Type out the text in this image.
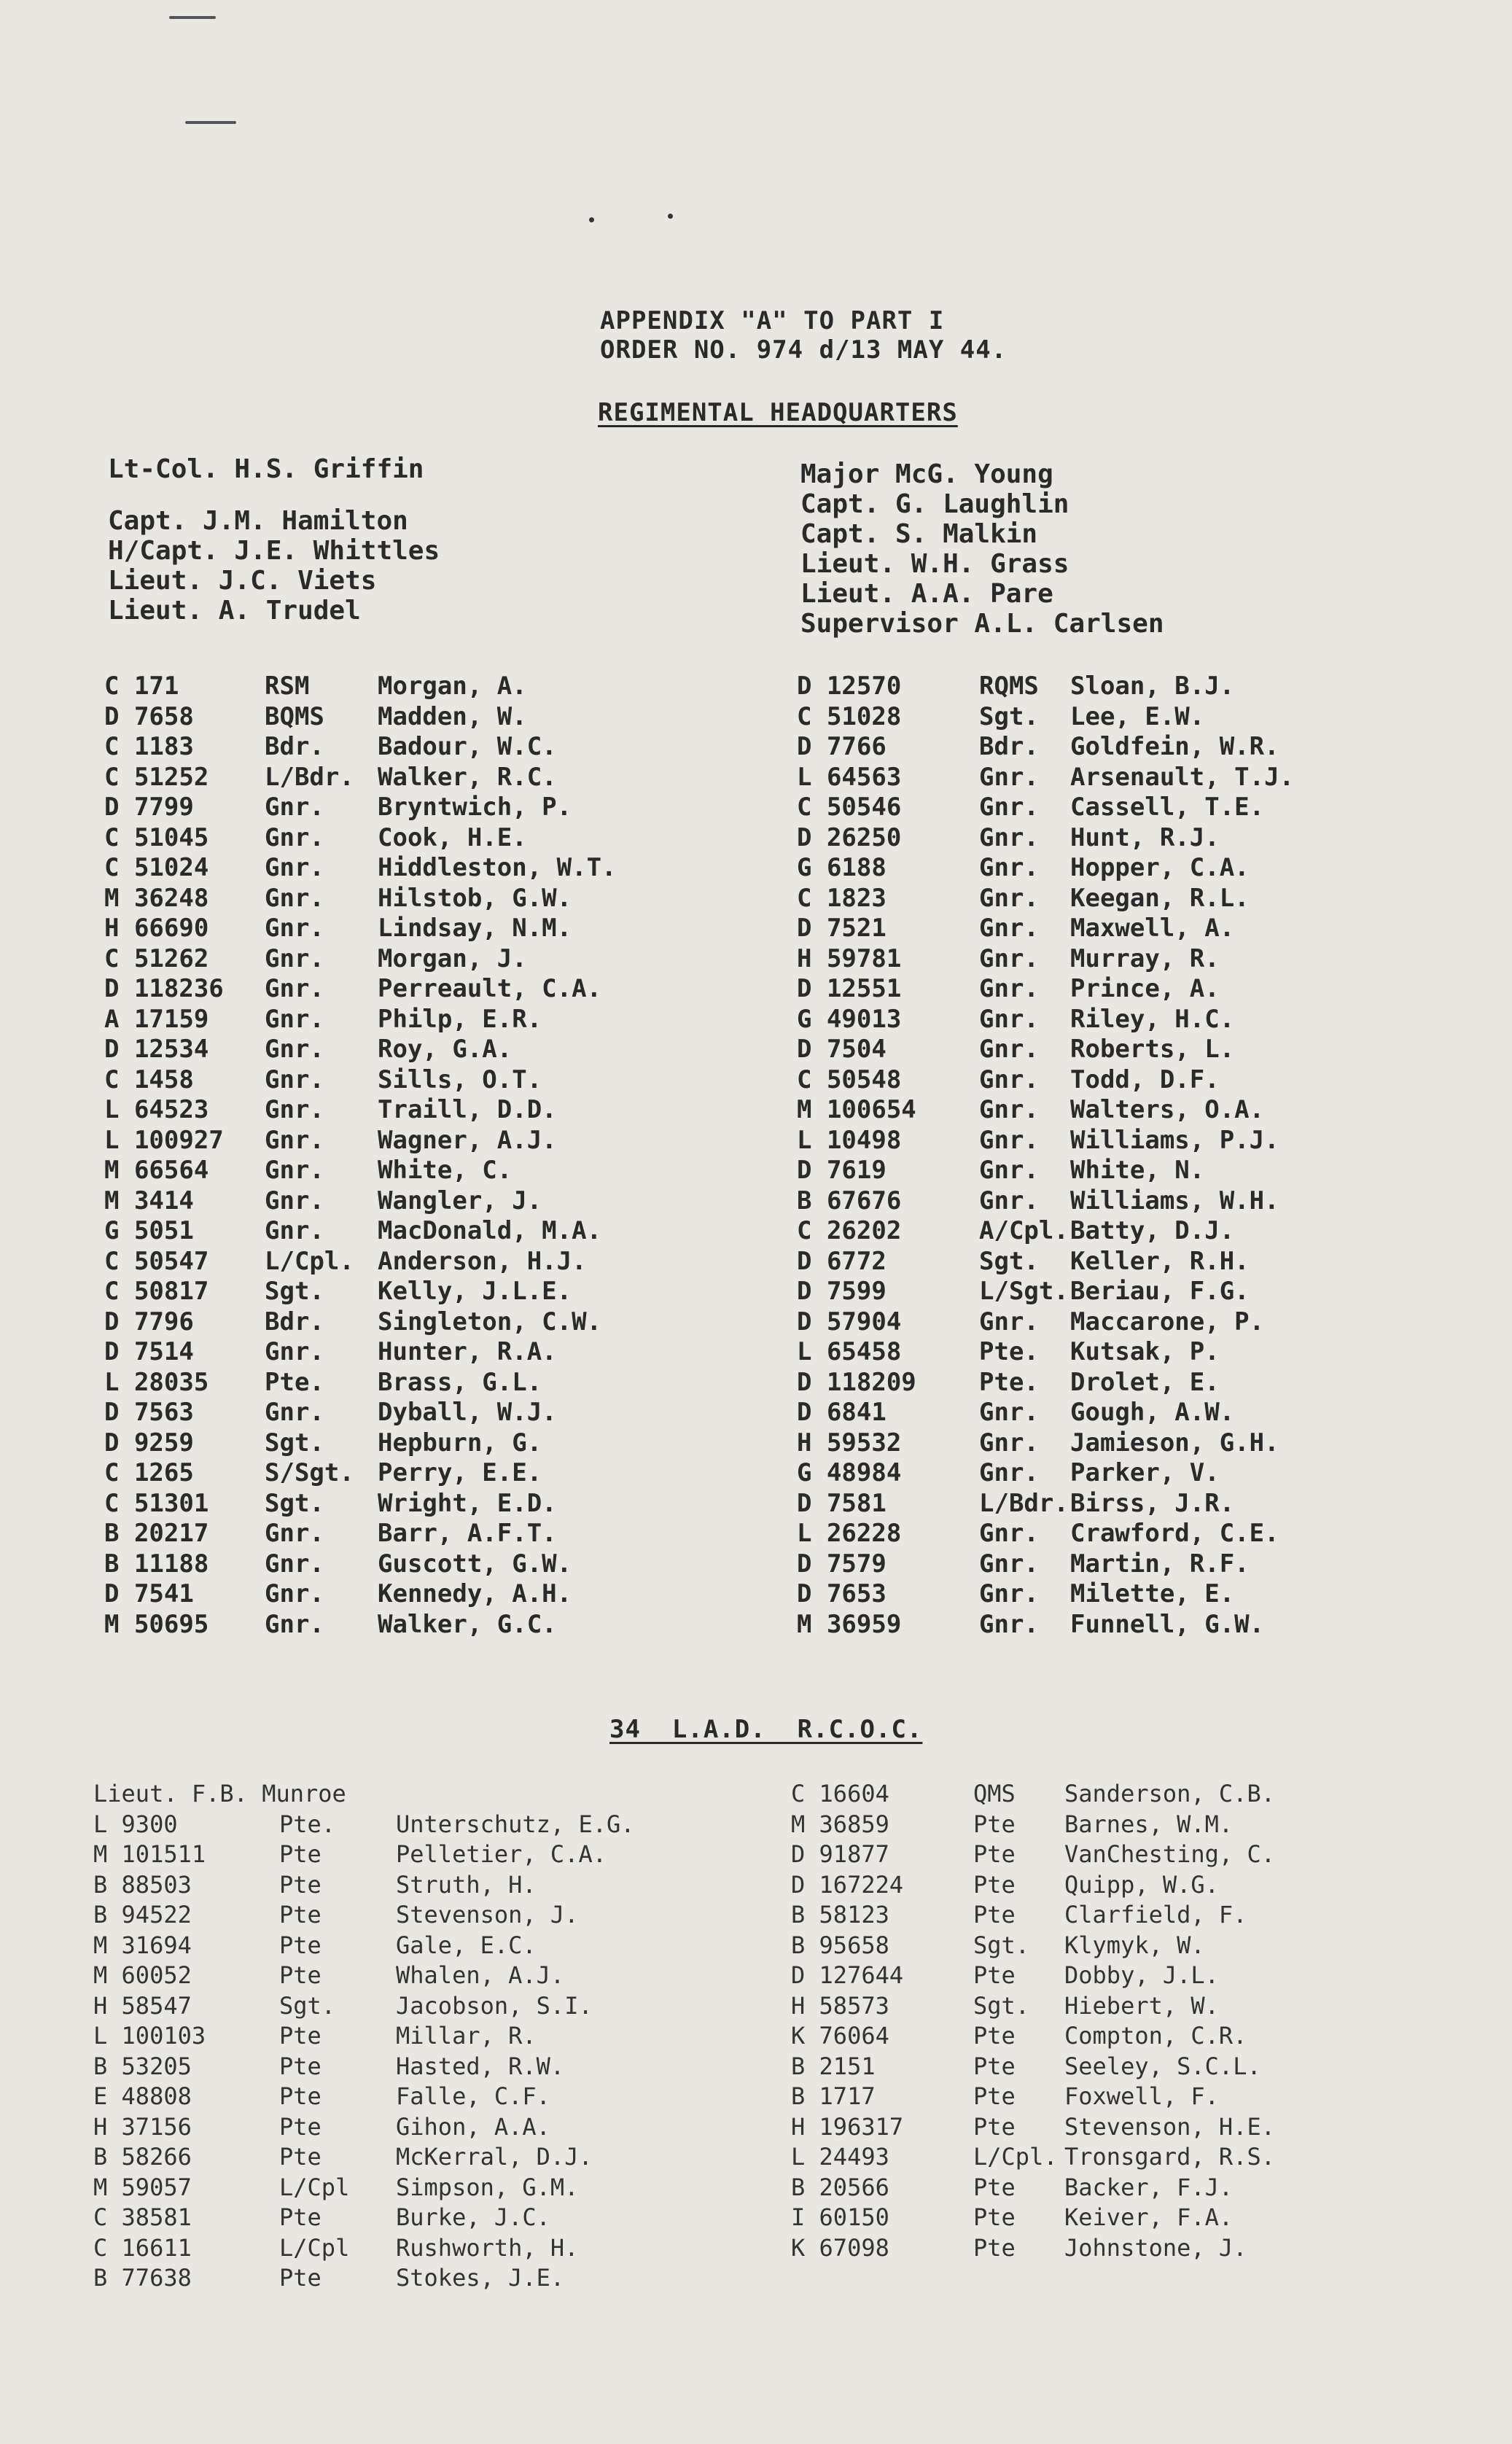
APPENDIX "A" TO PART I
ORDER NO. 974 d/13 MAY 44.
REGIMENTAL HEADQUARTERS
Lt-Col. H.S. Griffin
Capt. J.M. Hamilton
H/Capt. J.E. Whittles
Lieut. J.C. Viets
Lieut. A. Trudel
Major McG. Young
Capt. G. Laughlin
Capt. S. Malkin
Lieut. W.H. Grass
Lieut. A.A. Pare
Supervisor A.L. Carlsen
C 171	RSM	Morgan, A.
D 7658	BQMS Madden, W.
C 1183	Bdr. Badour, W.C.
C 51252 L/Bdr. Walker, R.C.
D 7799	Gnr. Bryntwich, P.
C 51045 Gnr. Cook, H.E.
C 51024 Gnr. Hiddleston, W.T.
M 36248 Gnr. Hilstob, G.W.
H 66690 Gnr. Lindsay, N.M.
C 51262 Gnr. Morgan, J.
D 118236 Gnr. Perreault, C.A.
A 17159 Gnr. Philp, E.R.
D 12534 Gnr. Roy, G.A.
C 1458	Gnr. Sills, O.T.
L 64523 Gnr. Traill, D.D.
L 100927 Gnr. Wagner, A.J.
M 66564 Gnr. White, C.
M 3414	Gnr. Wangler, J.
G 5051	Gnr. MacDonald, M.A.
C 50547 L/Cpl. Anderson, H.J.
C 50817 Sgt. Kelly, J.L.E.
D 7796	Bdr. Singleton, C.W.
D 7514	Gnr. Hunter, R.A.
L 28035 Pte. Brass, G.L.
D 7563	Gnr. Dyball, W.J.
D 9259	Sgt. Hepburn, G.
C 1265	S/Sgt. Perry, E.E.
C 51301 Sgt. Wright, E.D.
B 20217 Gnr. Barr, A.F.T.
B 11188 Gnr. Guscott, G.W.
D 7541	Gnr. Kennedy, A.H.
M 50695 Gnr. Walker, G.C.
D 12570	RQMS Sloan, B.J.
C 51028	Sgt. Lee, E.W.
D 7766	Bdr. Goldfein, W.R.
L 64563	Gnr. Arsenault, T.J.
C 50546	Gnr. Cassell, T.E.
D 26250	Gnr. Hunt, R.J.
G 6188	Gnr. Hopper, C.A.
C 1823	Gnr. Keegan, R.L.
D 7521	Gnr. Maxwell, A.
H 59781	Gnr. Murray, R.
D 12551	Gnr. Prince, A.
G 49013	Gnr. Riley, H.C.
D 7504	Gnr. Roberts, L.
C 50548	Gnr. Todd, D.F.
M 100654	Gnr. Walters, O.A.
L 10498	Gnr. Williams, P.J.
D 7619	Gnr. White, N.
B 67676	Gnr. Williams, W.H.
C 26202	A/Cpl. Batty, D.J.
D 6772	Sgt. Keller, R.H.
D 7599	L/Sgt. Beriau, F.G.
D 57904	Gnr. Maccarone, P.
L 65458	Pte. Kutsak, P.
D 118209	Pte. Drolet, E.
D 6841	Gnr. Gough, A.W.
H 59532	Gnr. Jamieson, G.H.
G 48984	Gnr. Parker, V.
D 7581	L/Bdr. Birss, J.R.
L 26228	Gnr. Crawford, C.E.
D 7579	Gnr. Martin, R.F.
D 7653	Gnr. Milette, E.
M 36959	Gnr. Funnell, G.W.
34  L.A.D.  R.C.O.C.
Lieut. F.B. Munroe
L 9300	Pte.	Unterschutz, E.G.
M 101511	Pte	Pelletier, C.A.
B 88503	Pte	Struth, H.
B 94522	Pte	Stevenson, J.
M 31694	Pte	Gale, E.C.
M 60052	Pte	Whalen, A.J.
H 58547	Sgt.	Jacobson, S.I.
L 100103	Pte	Millar, R.
B 53205	Pte	Hasted, R.W.
E 48808	Pte	Falle, C.F.
H 37156	Pte	Gihon, A.A.
B 58266	Pte	McKerral, D.J.
M 59057	L/Cpl Simpson, G.M.
C 38581	Pte	Burke, J.C.
C 16611	L/Cpl Rushworth, H.
B 77638	Pte	Stokes, J.E.
C 16604	QMS Sanderson, C.B.
M 36859	Pte Barnes, W.M.
D 91877	Pte VanChesting, C.
D 167224	Pte Quipp, W.G.
B 58123	Pte Clarfield, F.
B 95658	Sgt. Klymyk, W.
D 127644	Pte Dobby, J.L.
H 58573	Sgt. Hiebert, W.
K 76064	Pte Compton, C.R.
B 2151	Pte Seeley, S.C.L.
B 1717	Pte Foxwell, F.
H 196317	Pte Stevenson, H.E.
L 24493	L/Cpl. Tronsgard, R.S.
B 20566	Pte Backer, F.J.
I 60150	Pte Keiver, F.A.
K 67098	Pte Johnstone, J.
